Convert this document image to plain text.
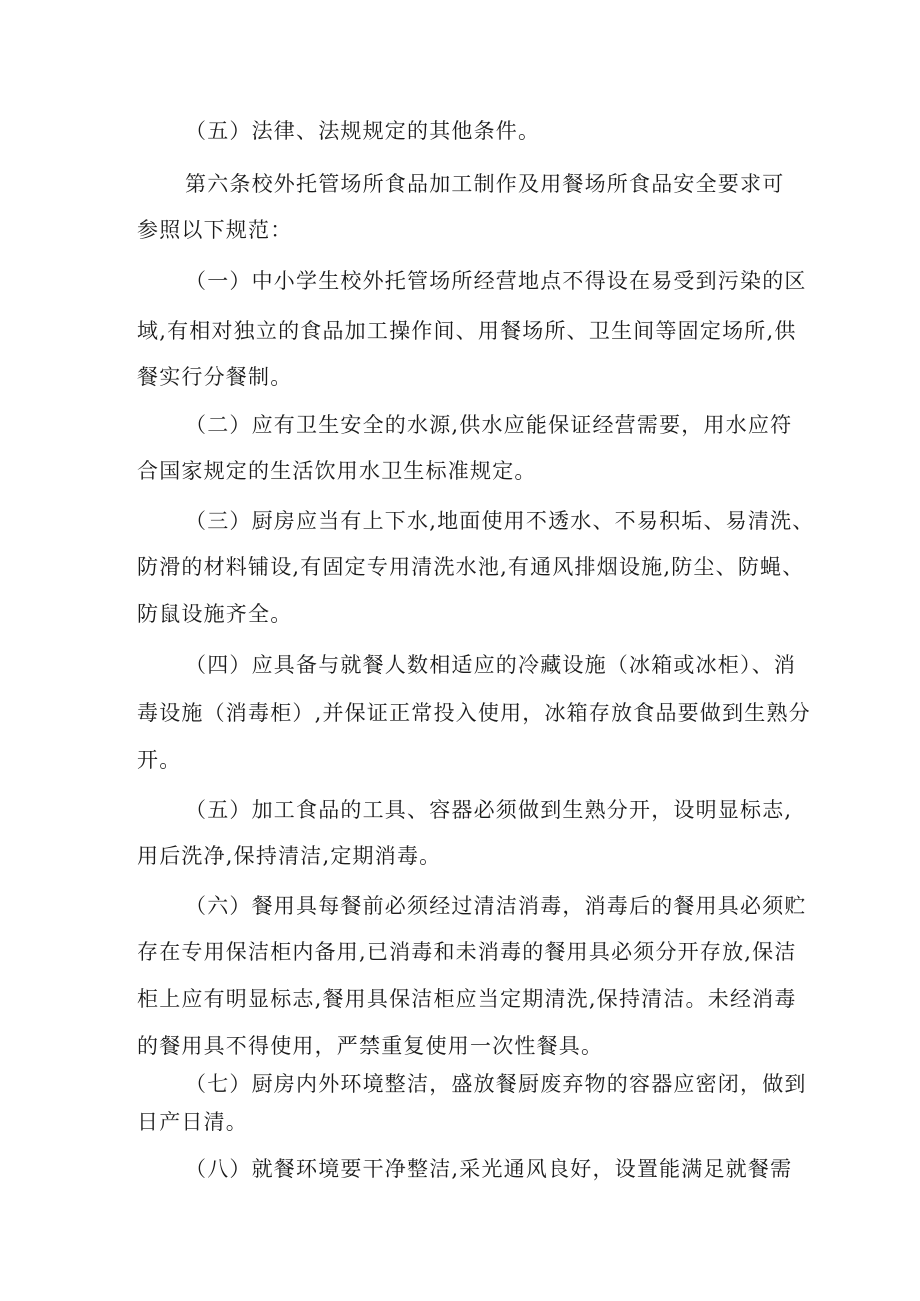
（五）法律、法规规定的其他条件。
第六条校外托管场所食品加工制作及用餐场所食品安全要求可
参照以下规范：
（一）中小学生校外托管场所经营地点不得设在易受到污染的区
域,有相对独立的食品加工操作间、用餐场所、卫生间等固定场所,供
餐实行分餐制。
（二）应有卫生安全的水源,供水应能保证经营需要，用水应符
合国家规定的生活饮用水卫生标准规定。
（三）厨房应当有上下水,地面使用不透水、不易积垢、易清洗、
防滑的材料铺设,有固定专用清洗水池,有通风排烟设施,防尘、防蝇、
防鼠设施齐全。
（四）应具备与就餐人数相适应的冷藏设施（冰箱或冰柜）、消
毒设施（消毒柜）,并保证正常投入使用，冰箱存放食品要做到生熟分
开。
（五）加工食品的工具、容器必须做到生熟分开，设明显标志,
用后洗净,保持清洁,定期消毒。
（六）餐用具每餐前必须经过清洁消毒，消毒后的餐用具必须贮
存在专用保洁柜内备用,已消毒和未消毒的餐用具必须分开存放,保洁
柜上应有明显标志,餐用具保洁柜应当定期清洗,保持清洁。未经消毒
的餐用具不得使用，严禁重复使用一次性餐具。
（七）厨房内外环境整洁，盛放餐厨废弃物的容器应密闭，做到
日产日清。
（八）就餐环境要干净整洁,采光通风良好，设置能满足就餐需
